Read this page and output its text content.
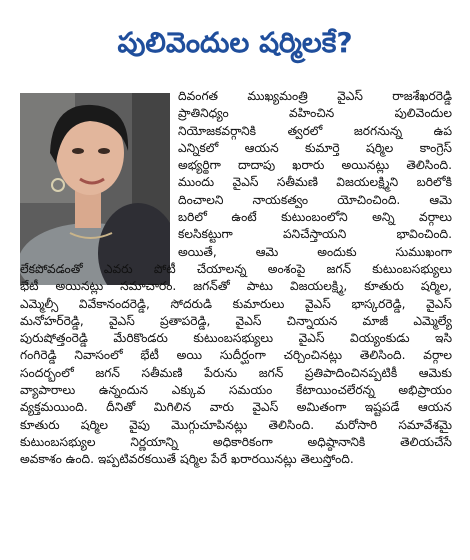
పులివెందుల షర్మిలకే?
దివంగత ముఖ్యమంత్రి వైఎస్ రాజశేఖరరెడ్డి
ప్రాతినిధ్యం వహించిన పులివెందుల
నియోజకవర్గానికి త్వరలో జరగనున్న ఉప
ఎన్నికలో ఆయన కుమార్తె షర్మిల కాంగ్రెస్
అభ్యర్థిగా దాదాపు ఖరారు అయినట్లు తెలిసింది.
ముందు వైఎస్ సతీమణి విజయలక్ష్మిని బరిలోకి
దించాలని నాయకత్వం యోచించింది. ఆమె
బరిలో ఉంటే కుటుంబంలోని అన్ని వర్గాలు
కలసికట్టుగా పనిచేస్తాయని భావించింది.
అయితే, ఆమె అందుకు సుముఖంగా
లేకపోవడంతో ఎవరు పోటీ చేయాలన్న అంశంపై జగన్ కుటుంబసభ్యులు
భేటీ అయినట్లు సమాచారం. జగన్‌తో పాటు విజయలక్ష్మి, కూతురు షర్మిల,
ఎమ్మెల్సీ వివేకానందరెడ్డి, సోదరుడి కుమారులు వైఎస్ భాస్కరరెడ్డి, వైఎస్
మనోహర్‌రెడ్డి, వైఎస్ ప్రతాపరెడ్డి, వైఎస్ చిన్నాయన మాజీ ఎమ్మెల్యే
పురుషోత్తంరెడ్డి మేరికొండరు కుటుంబసభ్యులు వైఎస్ వియ్యంకుడు ఇసి
గంగిరెడ్డి నివాసంలో భేటీ అయి సుదీర్ఘంగా చర్చించినట్లు తెలిసింది. వర్గాల
సందర్భంలో జగన్ సతీమణి పేరును జగన్ ప్రతిపాదించినప్పటికీ ఆమెకు
వ్యాపారాలు ఉన్నందున ఎక్కువ సమయం కేటాయించలేరన్న అభిప్రాయం
వ్యక్తమయింది. దీనితో మిగిలిన వారు వైఎస్ అమితంగా ఇష్టపడే ఆయన
కూతురు షర్మిల వైపు మొగ్గుచూపినట్లు తెలిసింది. మరోసారి సమావేశమై
కుటుంబసభ్యుల నిర్ణయాన్ని అధికారికంగా అధిష్ఠానానికి తెలియచేసే
అవకాశం ఉంది. ఇప్పటివరకయితే షర్మిల పేరే ఖరారయినట్లు తెలుస్తోంది.
